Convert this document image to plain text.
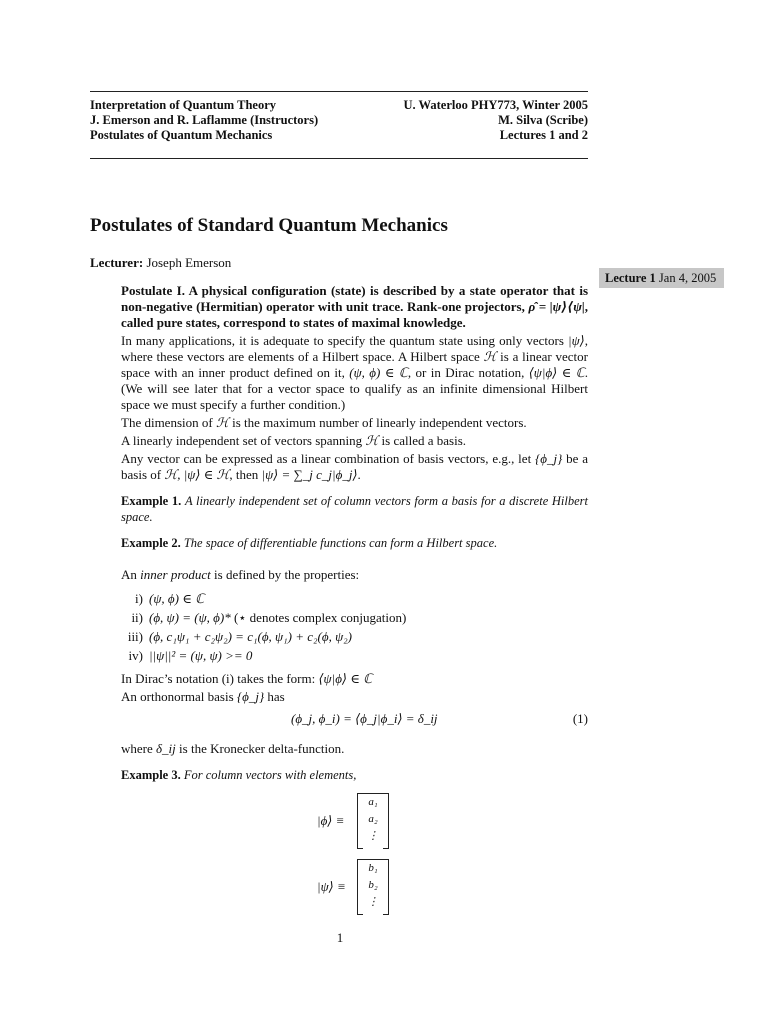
Interpretation of Quantum Theory
J. Emerson and R. Laflamme (Instructors)
Postulates of Quantum Mechanics
U. Waterloo PHY773, Winter 2005
M. Silva (Scribe)
Lectures 1 and 2
Postulates of Standard Quantum Mechanics
Lecturer: Joseph Emerson
Lecture 1 Jan 4, 2005

Postulate I. A physical configuration (state) is described by a state operator that is non-negative (Hermitian) operator with unit trace. Rank-one projectors, ρ̂ = |ψ⟩⟨ψ|, called pure states, correspond to states of maximal knowledge.

In many applications, it is adequate to specify the quantum state using only vectors |ψ⟩, where these vectors are elements of a Hilbert space. A Hilbert space ℋ is a linear vector space with an inner product defined on it, (ψ, ϕ) ∈ ℂ, or in Dirac notation, ⟨ψ|ϕ⟩ ∈ ℂ. (We will see later that for a vector space to qualify as an infinite dimensional Hilbert space we must specify a further condition.)

The dimension of ℋ is the maximum number of linearly independent vectors.

A linearly independent set of vectors spanning ℋ is called a basis.

Any vector can be expressed as a linear combination of basis vectors, e.g., let {ϕ_j} be a basis of ℋ, |ψ⟩ ∈ ℋ, then |ψ⟩ = ∑_j c_j|ϕ_j⟩.

Example 1. A linearly independent set of column vectors form a basis for a discrete Hilbert space.

Example 2. The space of differentiable functions can form a Hilbert space.

An inner product is defined by the properties:

i) (ψ, ϕ) ∈ ℂ
ii) (ϕ, ψ) = (ψ, ϕ)* (⋆ denotes complex conjugation)
iii) (ϕ, c₁ψ₁ + c₂ψ₂) = c₁(ϕ, ψ₁) + c₂(ϕ, ψ₂)
iv) ||ψ||² = (ψ, ψ) >= 0

In Dirac’s notation (i) takes the form: ⟨ψ|ϕ⟩ ∈ ℂ

An orthonormal basis {ϕ_j} has

(ϕ_j, ϕ_i) = ⟨ϕ_j|ϕ_i⟩ = δ_ij	(1)

where δ_ij is the Kronecker delta-function.

Example 3. For column vectors with elements,

|ϕ⟩ ≡
a₁
a₂
⋮
|ψ⟩ ≡
b₁
b₂
⋮
1
